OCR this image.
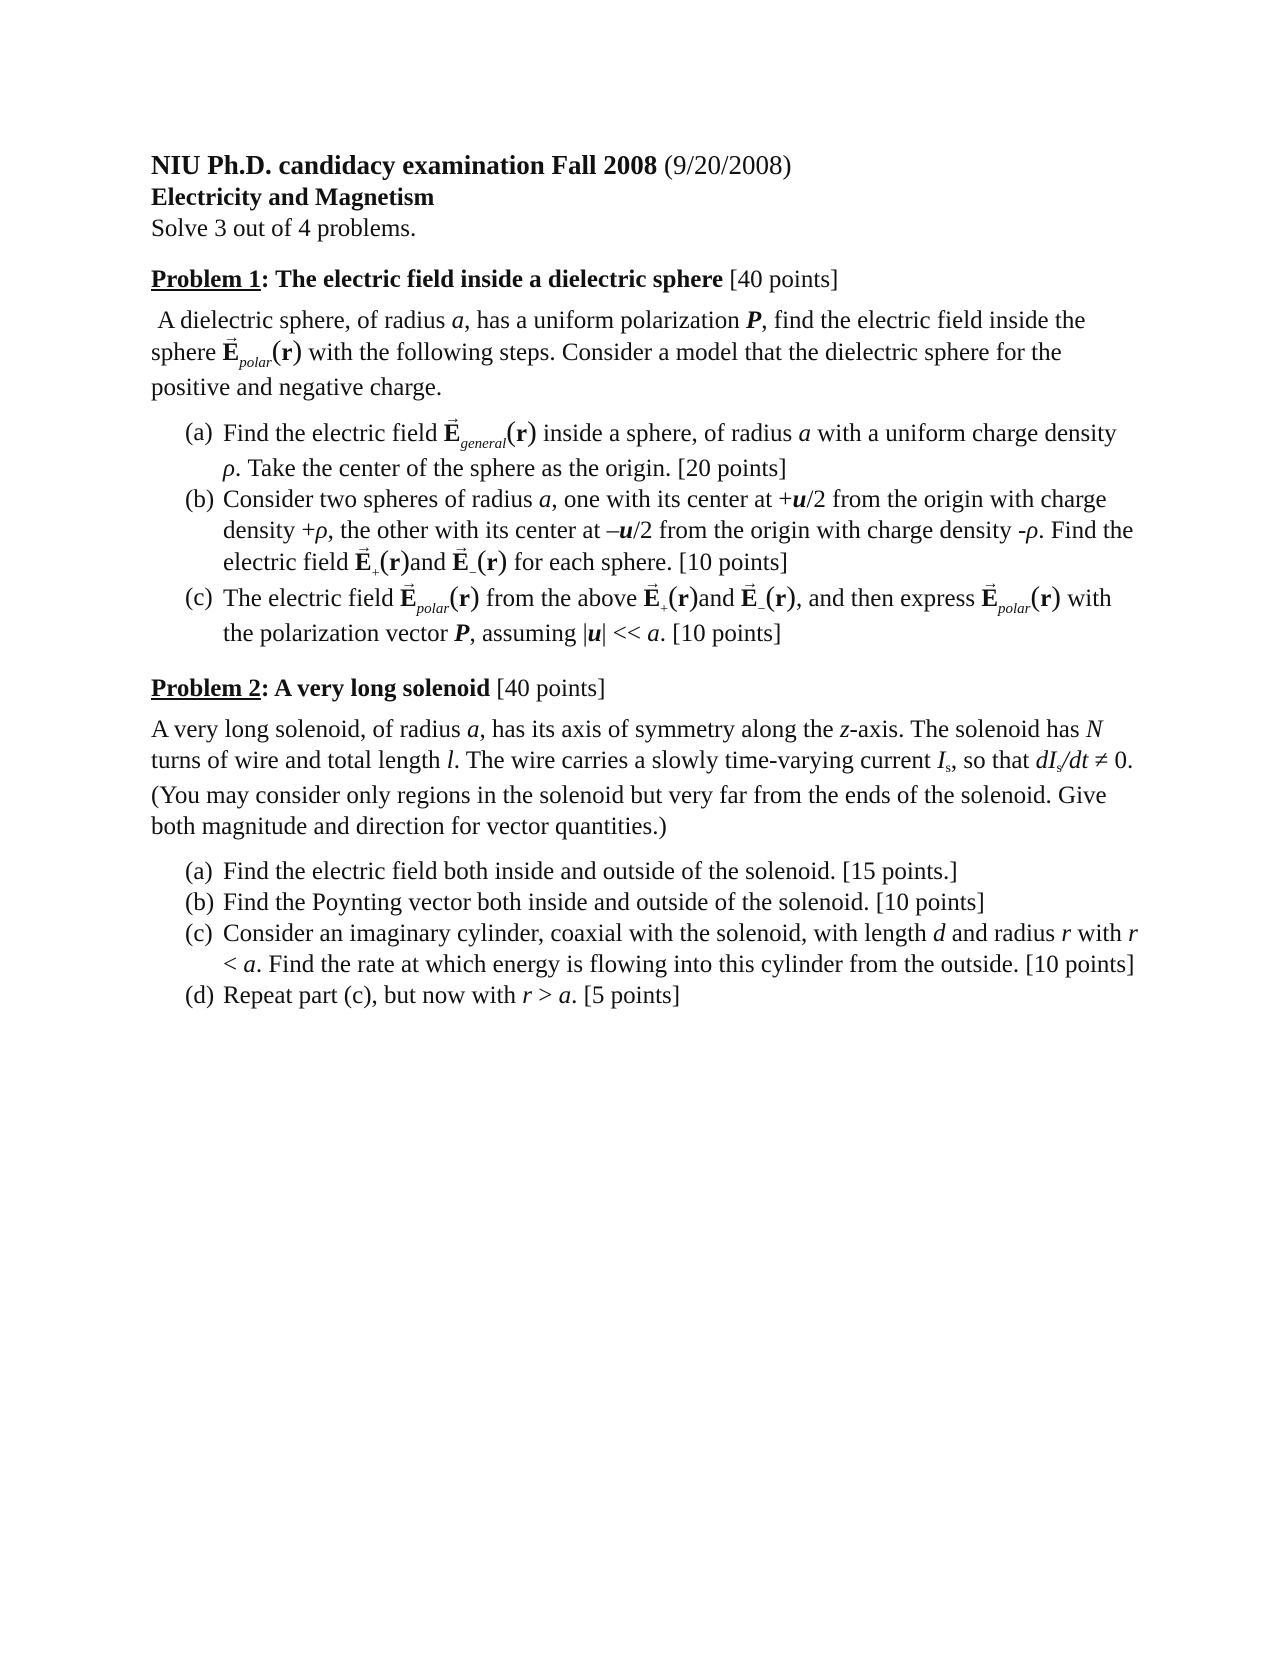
NIU Ph.D. candidacy examination Fall 2008 (9/20/2008)
Electricity and Magnetism
Solve 3 out of 4 problems.
Problem 1: The electric field inside a dielectric sphere [40 points]

A dielectric sphere, of radius a, has a uniform polarization P, find the electric field inside the sphere → $E_{polar}(r)$ with the following steps. Consider a model that the dielectric sphere for the positive and negative charge.

(a) Find the electric field → $E_{general}(r)$ inside a sphere, of radius a with a uniform charge density ρ. Take the center of the sphere as the origin. [20 points]
(b) Consider two spheres of radius a, one with its center at +u/2 from the origin with charge density +ρ, the other with its center at –u/2 from the origin with charge density -ρ. Find the electric field → $E_+(r)and \to E_-(r)$ for each sphere. [10 points]
(c) The electric field → $E_{polar}(r)$ from the above → $E_+(r)and \to E_-(r)$, and then express → $E_{polar}(r)$ with the polarization vector P, assuming |u| << a. [10 points]
Problem 2: A very long solenoid [40 points]

A very long solenoid, of radius a, has its axis of symmetry along the z-axis. The solenoid has N turns of wire and total length l. The wire carries a slowly time-varying current Is, so that dIs/dt ≠ 0. (You may consider only regions in the solenoid but very far from the ends of the solenoid. Give both magnitude and direction for vector quantities.)

(a) Find the electric field both inside and outside of the solenoid. [15 points.]
(b) Find the Poynting vector both inside and outside of the solenoid. [10 points]
(c) Consider an imaginary cylinder, coaxial with the solenoid, with length d and radius r with r < a. Find the rate at which energy is flowing into this cylinder from the outside. [10 points]
(d) Repeat part (c), but now with r > a. [5 points]
